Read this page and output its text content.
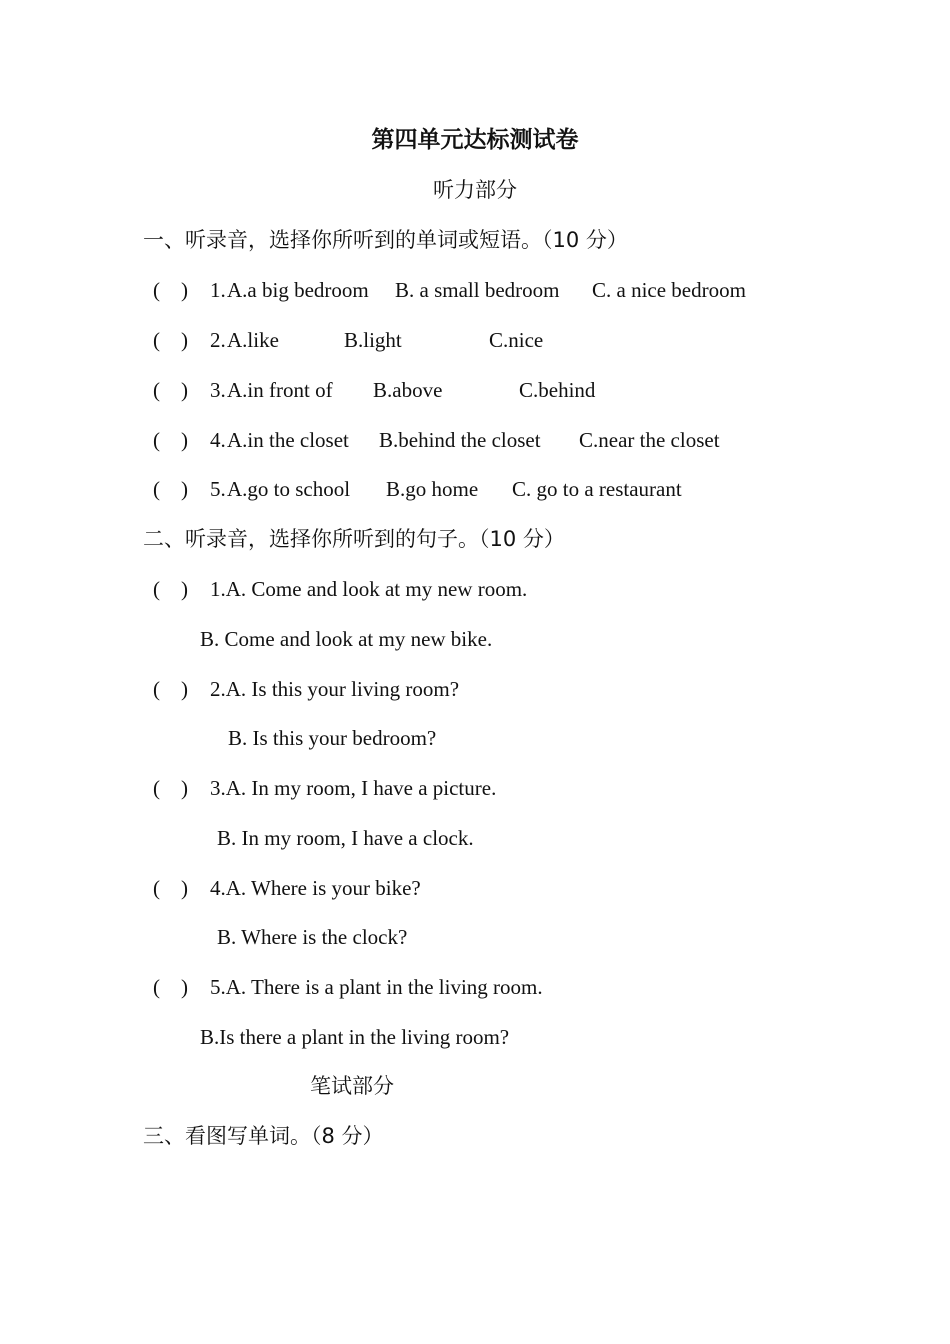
第四单元达标测试卷
听力部分
一、听录音，选择你所听到的单词或短语。（10 分）
(    ) 1. A.a big bedroom B. a small bedroom C. a nice bedroom
(    ) 2. A.like	B.light	C.nice
(    ) 3. A.in front of B.above	C.behind
(    ) 4. A.in the closet B.behind the closet C.near the closet
(    ) 5. A.go to school B.go home C. go to a restaurant
二、听录音，选择你所听到的句子。（10 分）
(    ) 1.A. Come and look at my new room.
B. Come and look at my new bike.
(    ) 2.A. Is this your living room?
B. Is this your bedroom?
(    ) 3.A. In my room, I have a picture.
B. In my room, I have a clock.
(    ) 4.A. Where is your bike?
B. Where is the clock?
(    ) 5.A. There is a plant in the living room.
B.Is there a plant in the living room?
笔试部分
三、看图写单词。（8 分）
